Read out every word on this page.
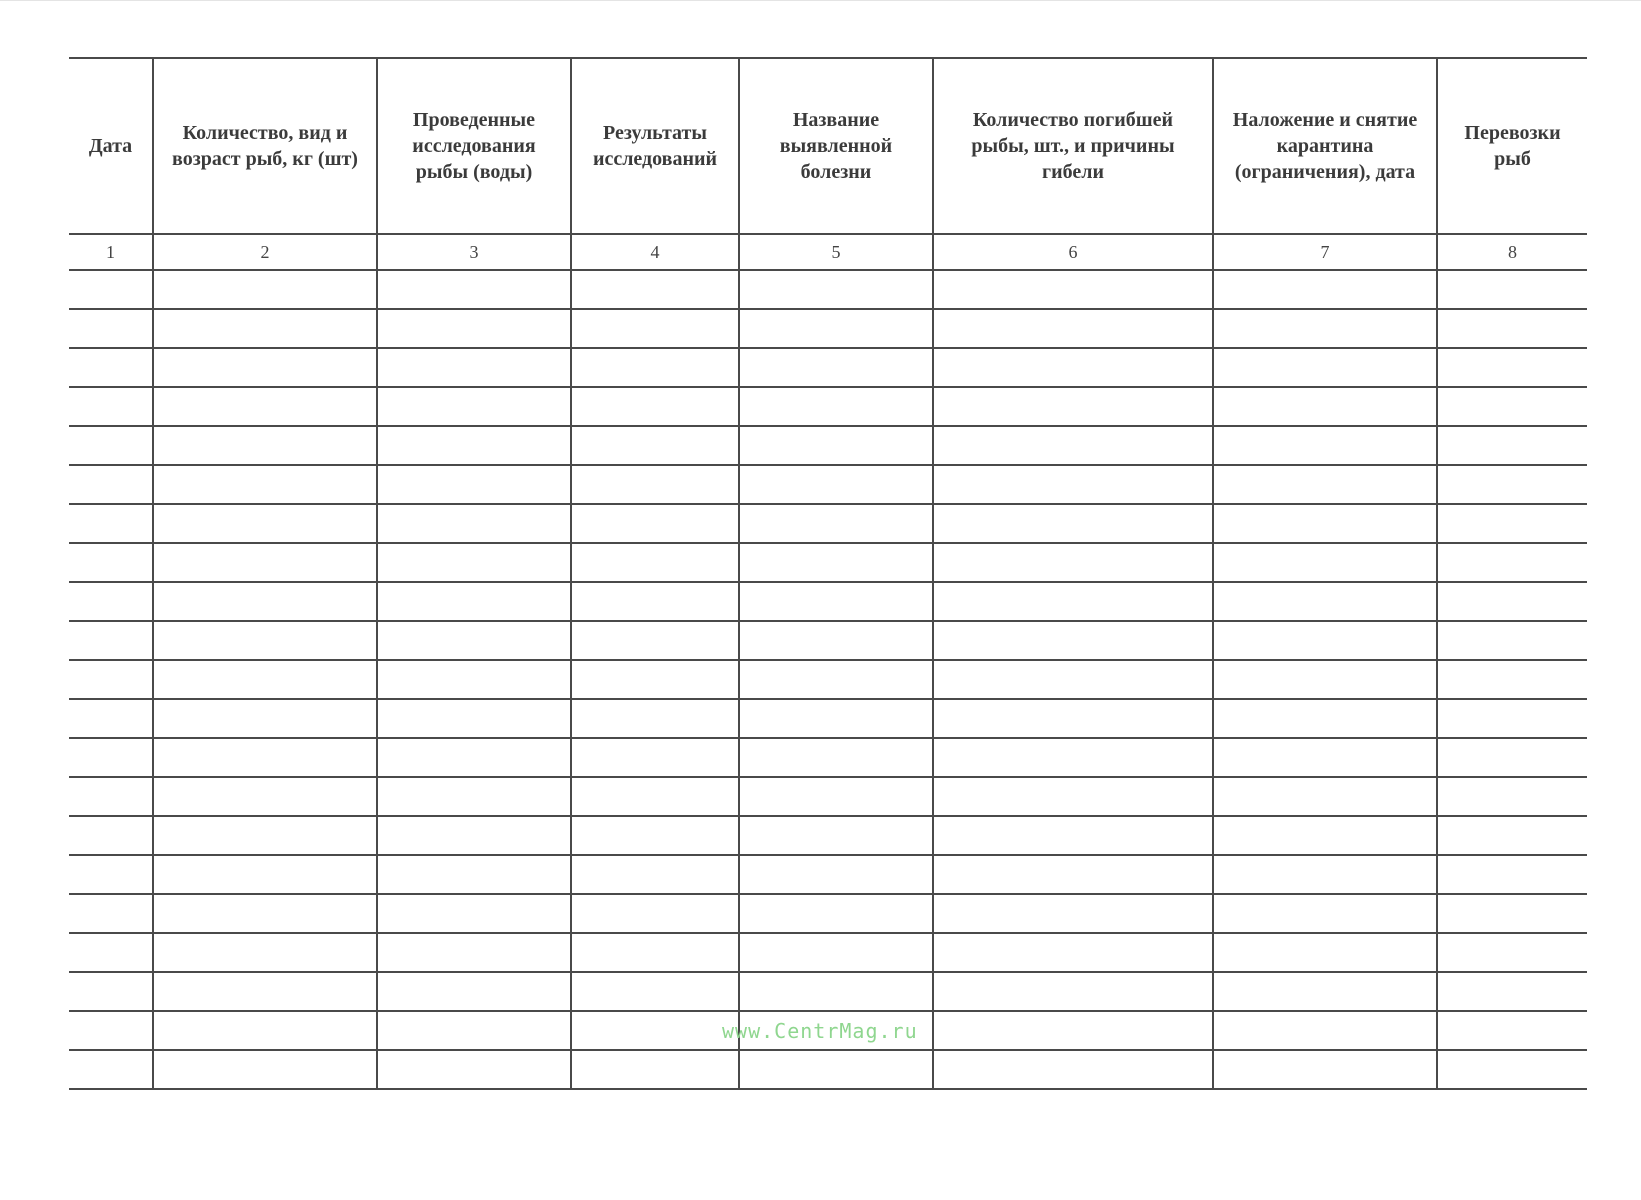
Дата	Количество, вид и возраст рыб, кг (шт)	Проведенные исследования рыбы (воды)	Результаты исследований	Название выявленной болезни	Количество погибшей рыбы, шт., и причины гибели	Наложение и снятие карантина (ограничения), дата	Перевозки рыб
1	2	3	4	5	6	7	8

www.CentrMag.ru
